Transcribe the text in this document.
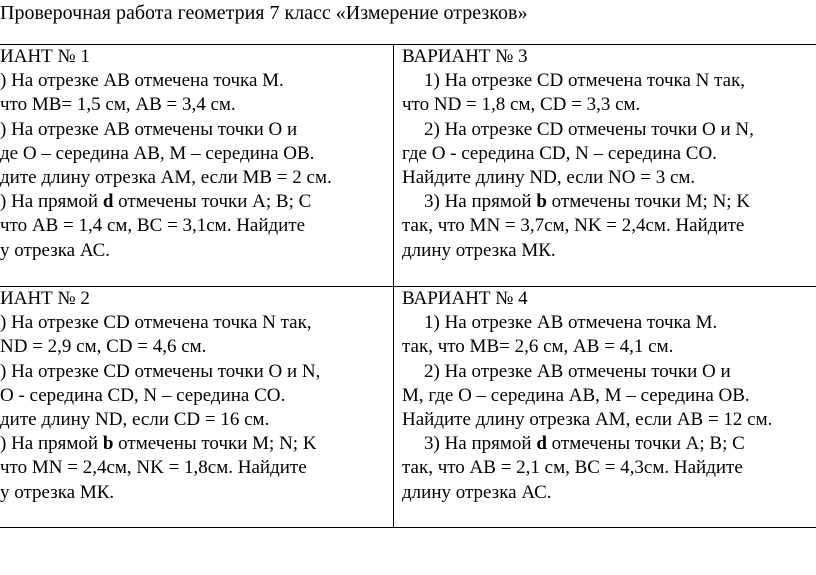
Проверочная работа геометрия 7 класс «Измерение отрезков»
ИАНТ № 1
) На отрезке АВ отмечена точка М.
что МВ= 1,5 см, АВ = 3,4 см.
) На отрезке АВ отмечены точки О и
де О – середина АВ, М – середина ОВ.
дите длину отрезка АМ, если МВ = 2 см.
) На прямой d отмечены точки А; В; С
что АВ = 1,4 см, ВС = 3,1см. Найдите
у отрезка АС.
ВАРИАНТ № 3
1) На отрезке CD отмечена точка N так,
что ND = 1,8 см, CD = 3,3 см.
2) На отрезке CD отмечены точки O и N,
где О - середина CD, N – середина CO.
Найдите длину ND, если NO = 3 см.
3) На прямой b отмечены точки M; N; K
так, что MN = 3,7см, NK = 2,4см. Найдите
длину отрезка МК.
ИАНТ № 2
) На отрезке CD отмечена точка N так,
ND = 2,9 см, CD = 4,6 см.
) На отрезке CD отмечены точки O и N,
О - середина CD, N – середина CO.
дите длину ND, если CD = 16 см.
) На прямой b отмечены точки M; N; K
что MN = 2,4см, NK = 1,8см. Найдите
у отрезка МК.
ВАРИАНТ № 4
1) На отрезке АВ отмечена точка М.
так, что МВ= 2,6 см, АВ = 4,1 см.
2) На отрезке АВ отмечены точки О и
М, где О – середина АВ, М – середина ОВ.
Найдите длину отрезка АМ, если АВ = 12 см.
3) На прямой d отмечены точки А; В; С
так, что АВ = 2,1 см, ВС = 4,3см. Найдите
длину отрезка АС.
